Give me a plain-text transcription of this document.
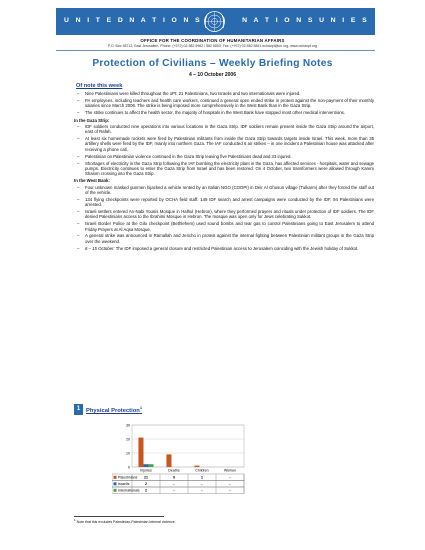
U N I T E D N A T I O N S	N A T I O N S U N I E S
OFFICE FOR THE COORDINATION OF HUMANITARIAN AFFAIRS
P.O. Box 38712, East Jerusalem, Phone: (+972) 02-582 9962 / 582 5853, Fax: (+972) 02-582 5841 ochaopt@un.org, www.ochaopt.org
Protection of Civilians – Weekly Briefing Notes
4 – 10 October 2006
Of note this week
– Nine Palestinians were killed throughout the oPt: 21 Palestinians, two Israelis and two internationals were injured.
– PA employees, including teachers and health care workers, continued a general open ended strike in protest against the non-payment of their monthly salaries since March 2006. The strike is being imposed more comprehensively in the West Bank than in the Gaza Strip.
– The strike continues to affect the health sector, the majority of hospitals in the West Bank have stopped most other medical interventions.
In the Gaza Strip:
– IDF soldiers conducted nine operations into various locations in the Gaza Strip. IDF soldiers remain present inside the Gaza Strip around the airport, east of Rafah.
– At least six homemade rockets were fired by Palestinian militants from inside the Gaza Strip towards targets inside Israel. This week, more than 35 artillery shells were fired by the IDF, mainly into northern Gaza. The IAF conducted 6 air strikes – in one incident a Palestinian house was attacked after receiving a phone call.
– Palestinian on Palestinian violence continued in the Gaza Strip leaving five Palestinians dead and 33 injured.
– Shortages of electricity in the Gaza Strip following the IAF bombing the electricity plant in the Gaza, has affected services - hospitals, water and sewage pumps. Electricity continues to enter the Gaza Strip from Israel and has been restored. On 4 October, two transformers were allowed through Karem Shalom crossing into the Gaza Strip.
In the West Bank:
– Four unknown masked gunmen hijacked a vehicle rented by an Italian NGO (COOPI) in Deir Al Ghusun village (Tulkarm) after they forced the staff out of the vehicle.
– 134 flying checkpoints were reported by OCHA field staff. 149 IDF search and arrest campaigns were conducted by the IDF. 94 Palestinians were arrested.
– Israeli settlers entered An-Nabi Younis Mosque in Halhul (Hebron), where they performed prayers and rituals under protection of IDF soldiers. The IDF denied Palestinians access to the Ibrahimi Mosque in Hebron. The mosque was open only for Jews celebrating Sukkot.
– Israeli Border Police at the Gilo checkpoint (Bethlehem) used sound bombs and tear gas to control Palestinians going to East Jerusalem to attend Friday Prayers at Al Aqsa Mosque.
– A general strike was announced in Ramallah and Jericho in protest against the internal fighting between Palestinian militant groups in the Gaza Strip over the weekend.
– 6 – 15 October: The IDF imposed a general closure and restricted Palestinian access to Jerusalem coinciding with the Jewish holiday of Sukkot.
1	Physical Protection$^1$
0
10
20
30
Injuries	Deaths	Children	Women
Palestinians 21	9	1	-
Israelis	2	-	-	-
Internationals 2	-	-	-
$^1$ Note that this excludes Palestinian-Palestinian internal violence.
